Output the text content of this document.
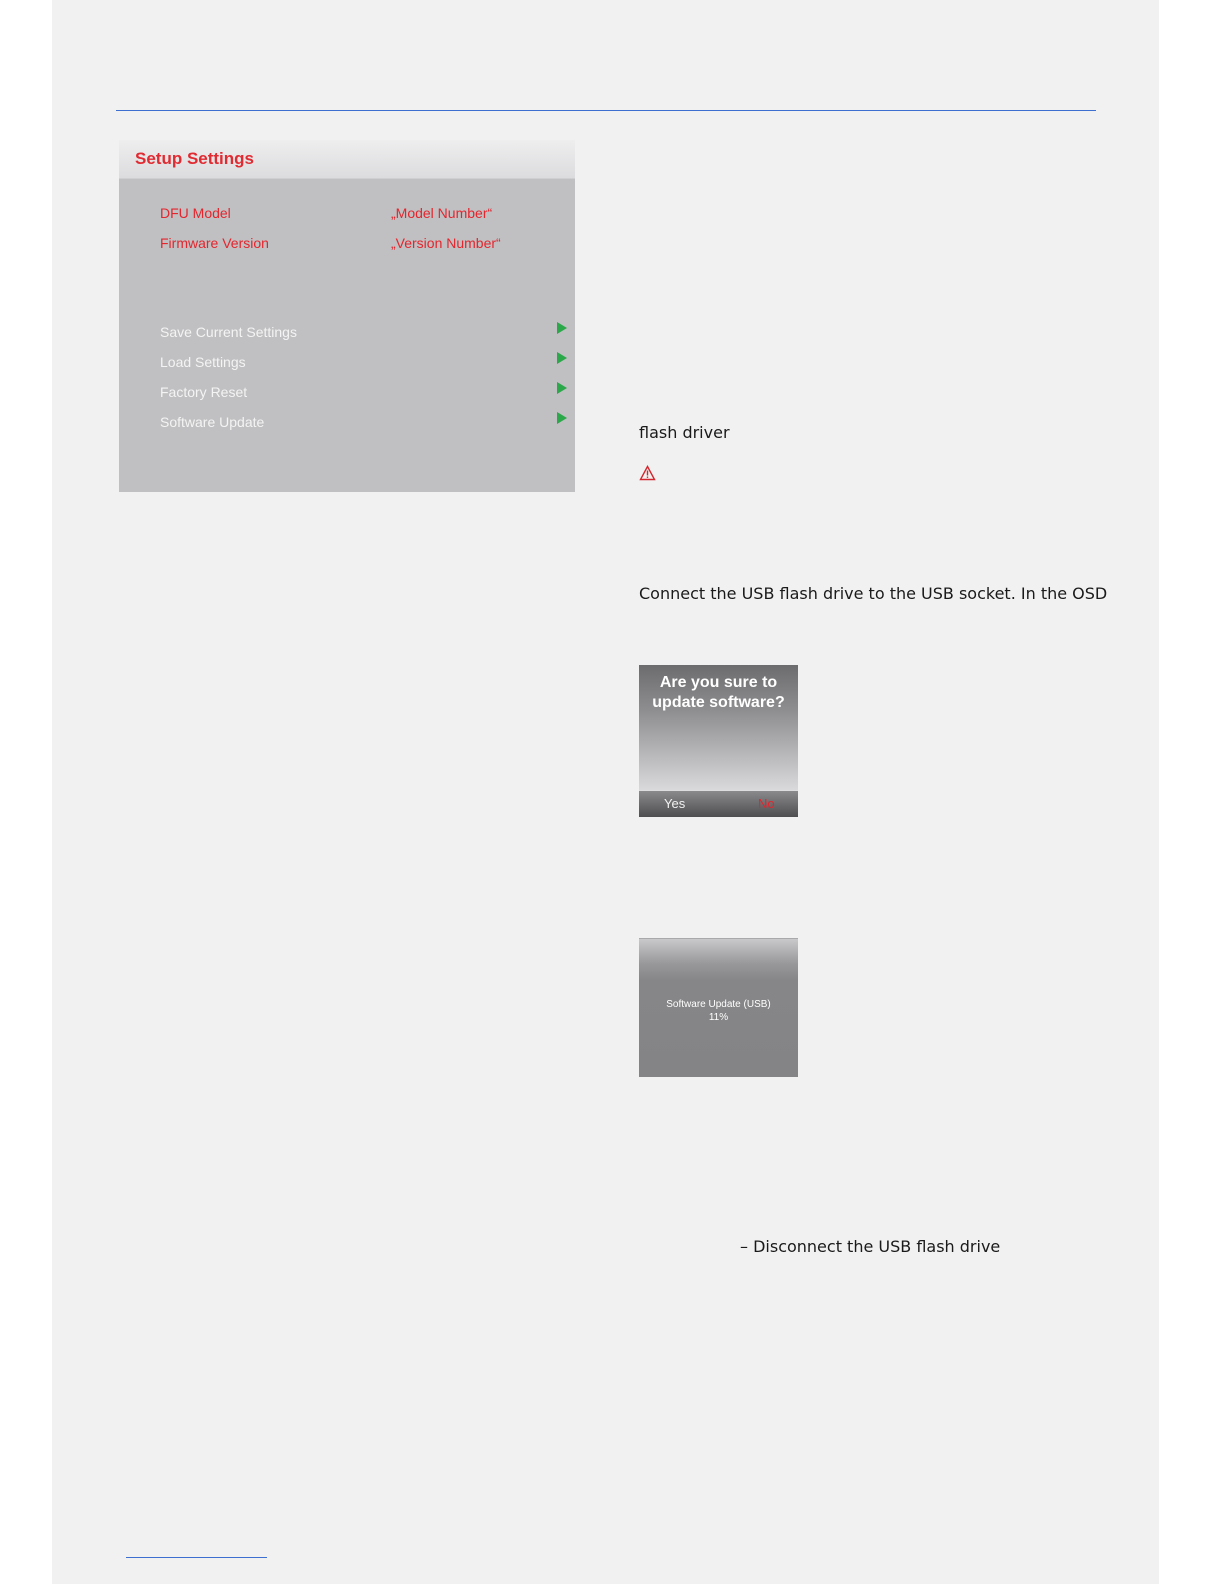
Setup Settings
DFU Model	„Model Number“
Firmware Version	„Version Number“
Save Current Settings
Load Settings
Factory Reset
Software Update
flash driver
Connect the USB flash drive to the USB socket. In the OSD
Are you sure to
update software?
Yes	No
Software Update (USB)
11%
– Disconnect the USB flash drive
